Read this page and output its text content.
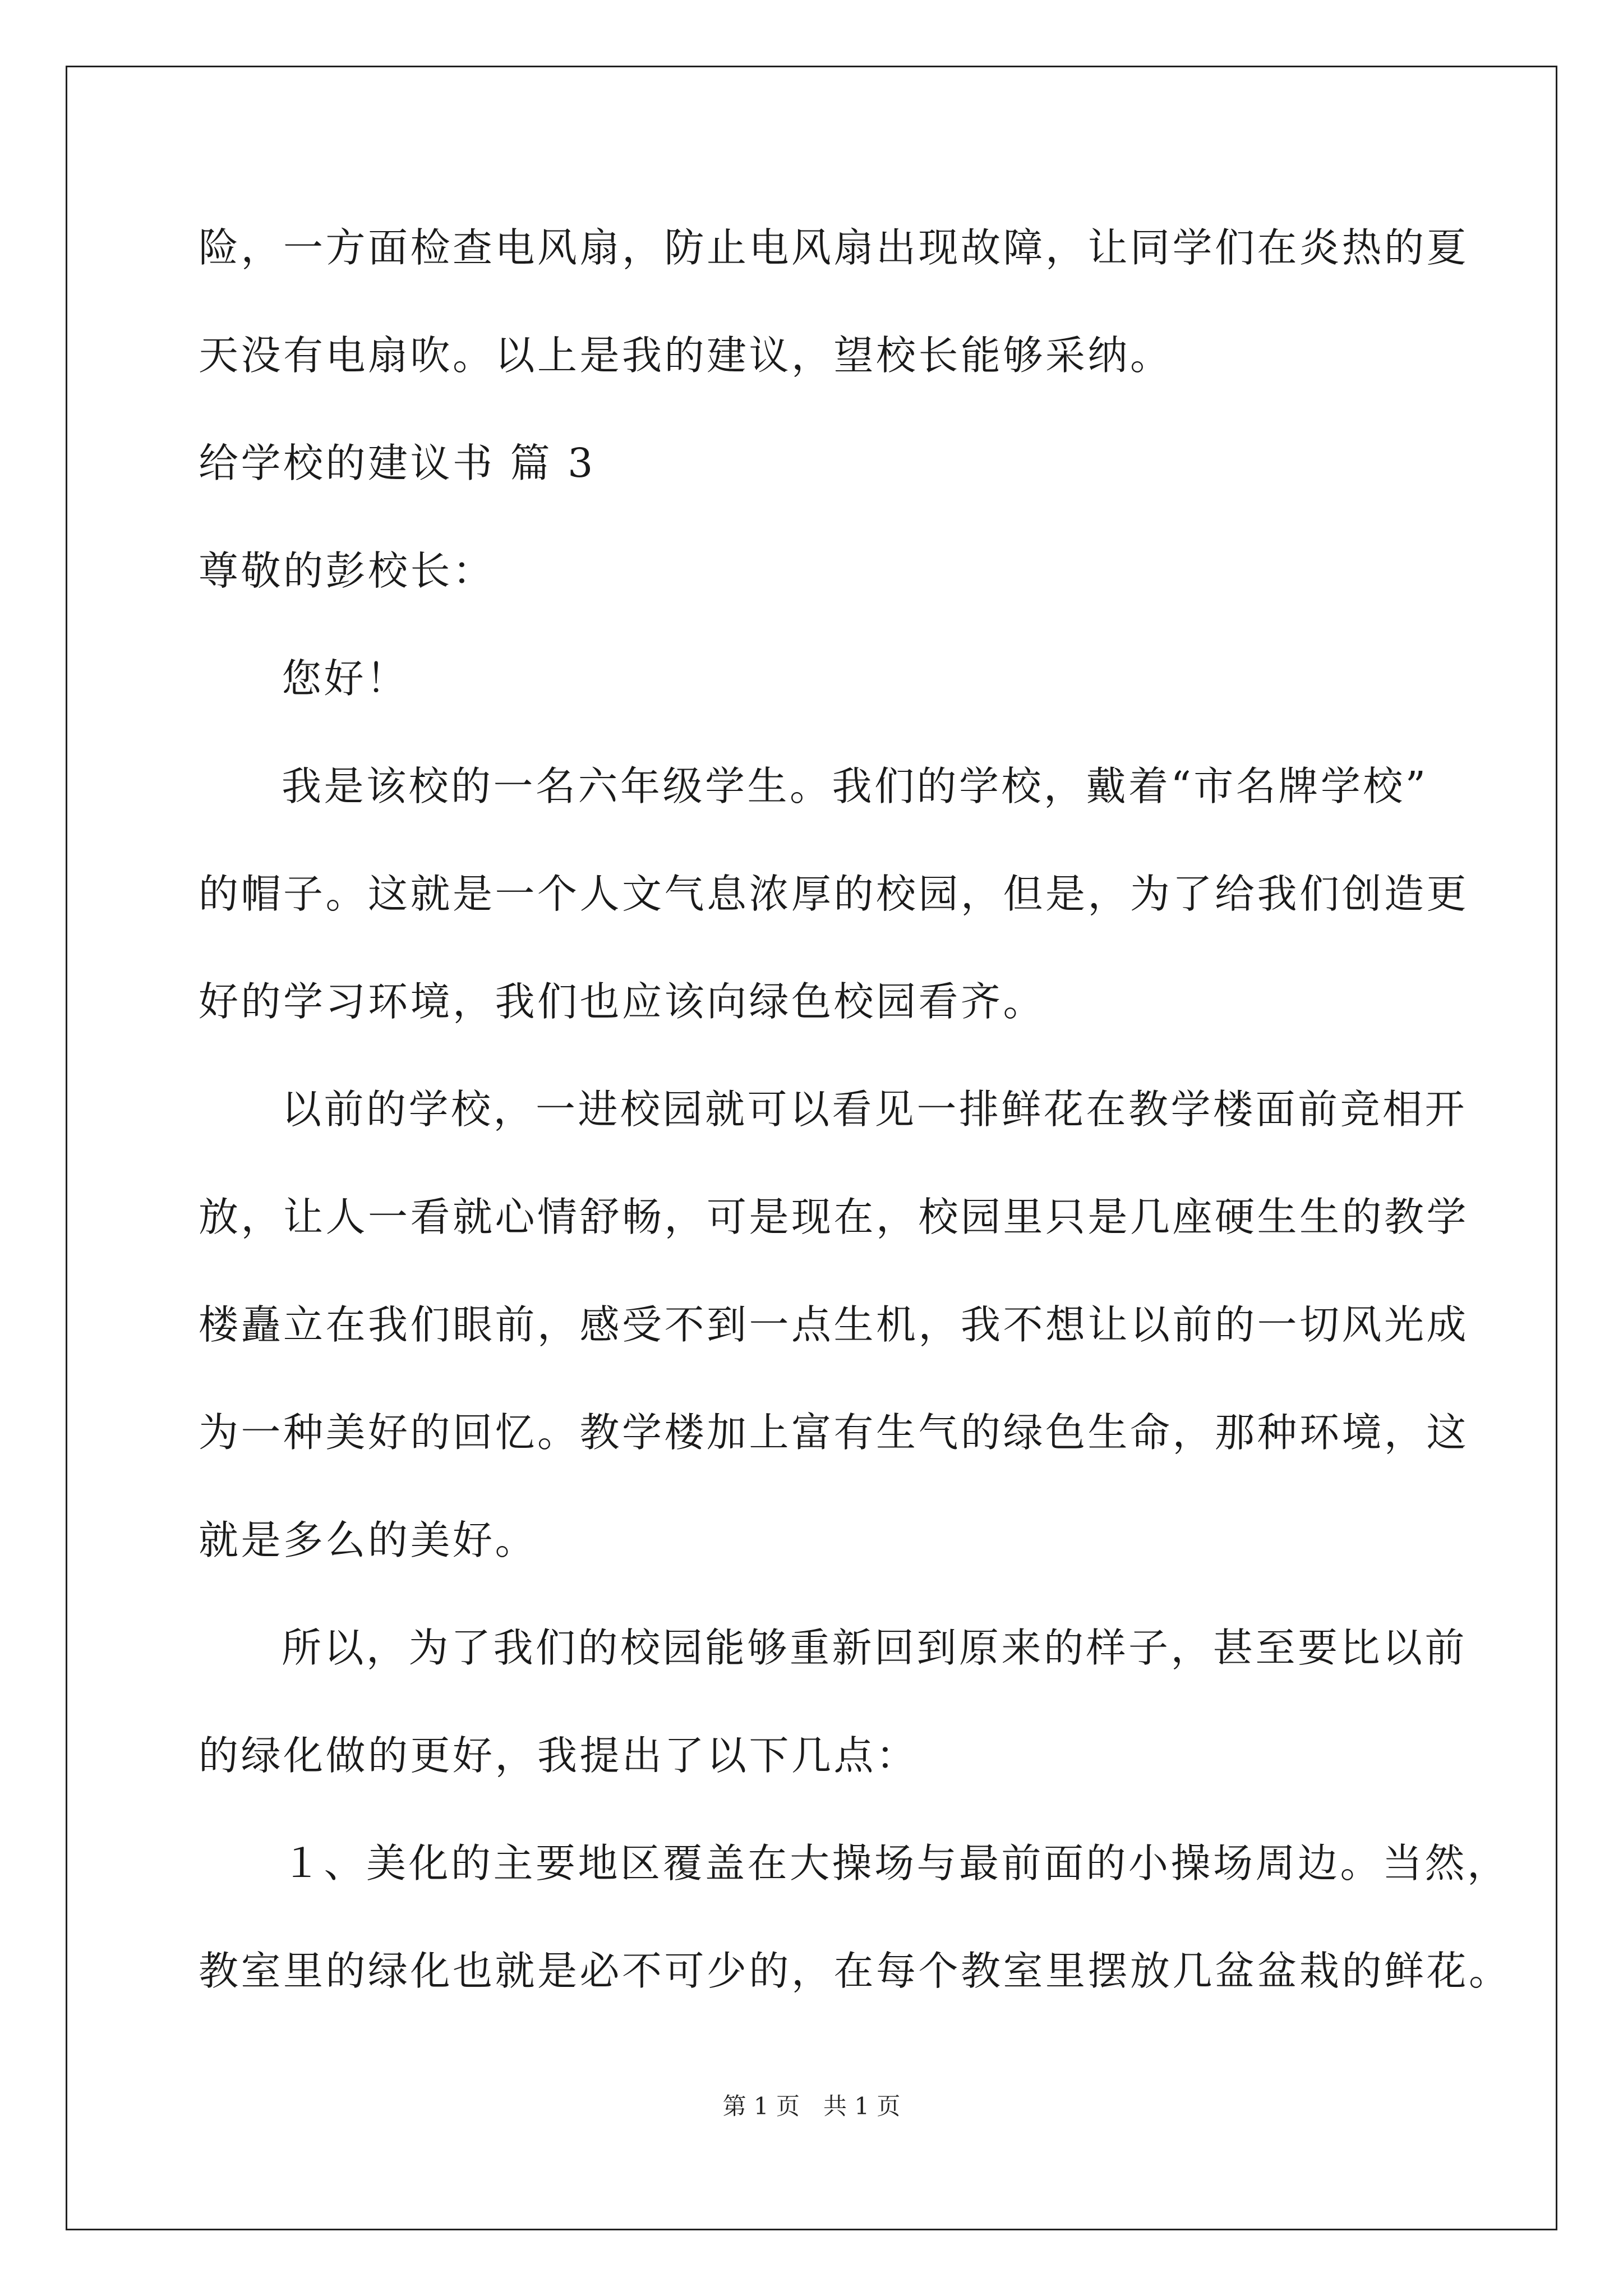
险，一方面检查电风扇，防止电风扇出现故障，让同学们在炎热的夏
天没有电扇吹。以上是我的建议，望校长能够采纳。
给学校的建议书 篇 3
尊敬的彭校长：
您好！
我是该校的一名六年级学生。我们的学校，戴着“市名牌学校”
的帽子。这就是一个人文气息浓厚的校园，但是，为了给我们创造更
好的学习环境，我们也应该向绿色校园看齐。
以前的学校，一进校园就可以看见一排鲜花在教学楼面前竞相开
放，让人一看就心情舒畅，可是现在，校园里只是几座硬生生的教学
楼矗立在我们眼前，感受不到一点生机，我不想让以前的一切风光成
为一种美好的回忆。教学楼加上富有生气的绿色生命，那种环境，这
就是多么的美好。
所以，为了我们的校园能够重新回到原来的样子，甚至要比以前
的绿化做的更好，我提出了以下几点：
１、美化的主要地区覆盖在大操场与最前面的小操场周边。当然，
教室里的绿化也就是必不可少的，在每个教室里摆放几盆盆栽的鲜花。
第 1 页　共 1 页
